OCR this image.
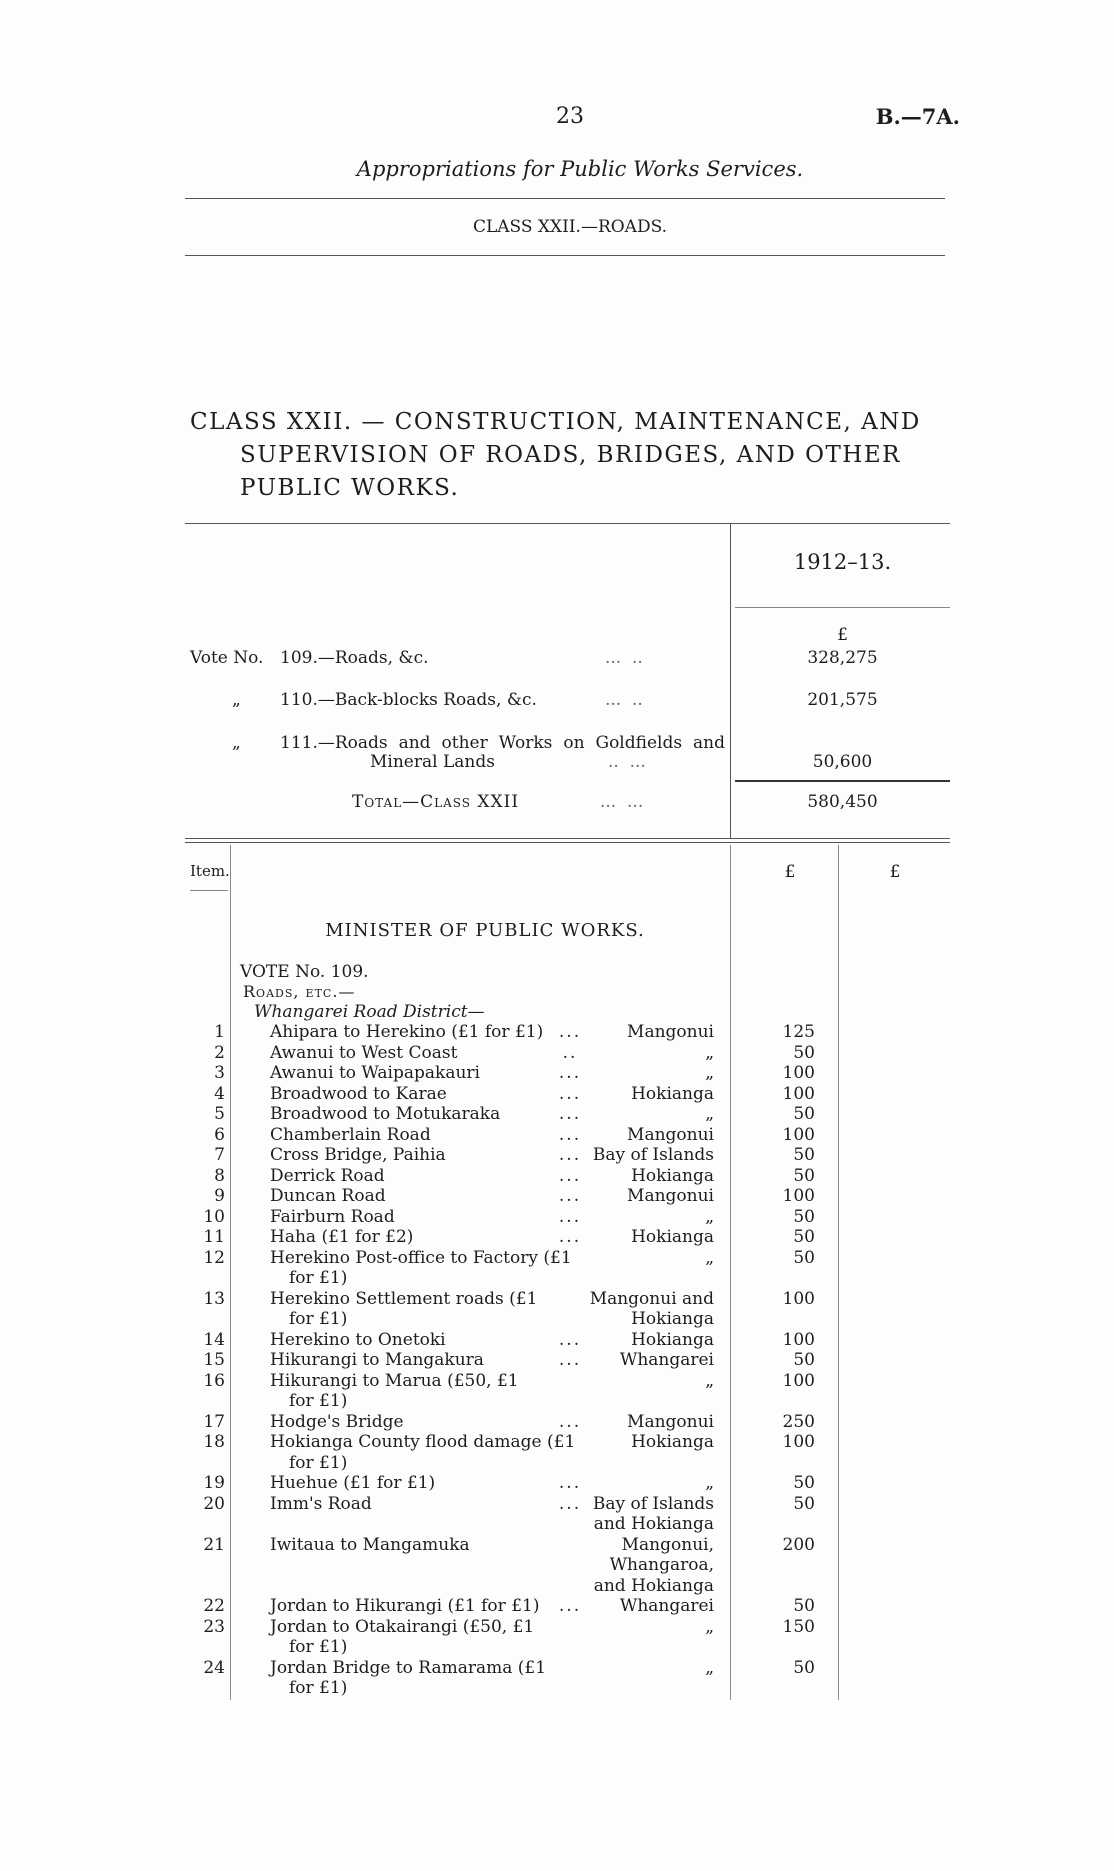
23	B.—7A.
Appropriations for Public Works Services.
CLASS XXII.—ROADS.
CLASS XXII. — CONSTRUCTION, MAINTENANCE, AND
SUPERVISION OF ROADS, BRIDGES, AND OTHER
PUBLIC WORKS.
1912–13.
£
Vote No. 109.—Roads, &c.	...  ..	328,275
„ 110.—Back-blocks Roads, &c.	...  ..	201,575
„ 111.—Roads and other Works on Goldfields and
Mineral Lands	..  ...	50,600
Total—Class XXII	...  ...	580,450
Item.	£	£
MINISTER OF PUBLIC WORKS.
VOTE No. 109.
Roads, etc.—
Whangarei Road District—
1	Ahipara to Herekino (£1 for £1) ...	Mangonui	125
2	Awanui to West Coast	..	„	50
3	Awanui to Waipapakauri	...	„	100
4	Broadwood to Karae	...	Hokianga	100
5	Broadwood to Motukaraka	...	„	50
6	Chamberlain Road	...	Mangonui	100
7	Cross Bridge, Paihia	... Bay of Islands	50
8	Derrick Road	...	Hokianga	50
9	Duncan Road	...	Mangonui	100
10	Fairburn Road	...	„	50
11	Haha (£1 for £2)	...	Hokianga	50
12	Herekino Post-office to Factory (£1	„	50
for £1)
13	Herekino Settlement roads (£1	Mangonui and	100
for £1)	Hokianga
14	Herekino to Onetoki	...	Hokianga	100
15	Hikurangi to Mangakura	...	Whangarei	50
16	Hikurangi to Marua (£50, £1	„	100
for £1)
17	Hodge's Bridge	...	Mangonui	250
18	Hokianga County flood damage (£1	Hokianga	100
for £1)
19	Huehue (£1 for £1)	...	„	50
20	Imm's Road	... Bay of Islands	50
and Hokianga
21	Iwitaua to Mangamuka	Mangonui,	200
Whangaroa,
and Hokianga
22	Jordan to Hikurangi (£1 for £1)	...	Whangarei	50
23	Jordan to Otakairangi (£50, £1	„	150
for £1)
24	Jordan Bridge to Ramarama (£1	„	50
for £1)
